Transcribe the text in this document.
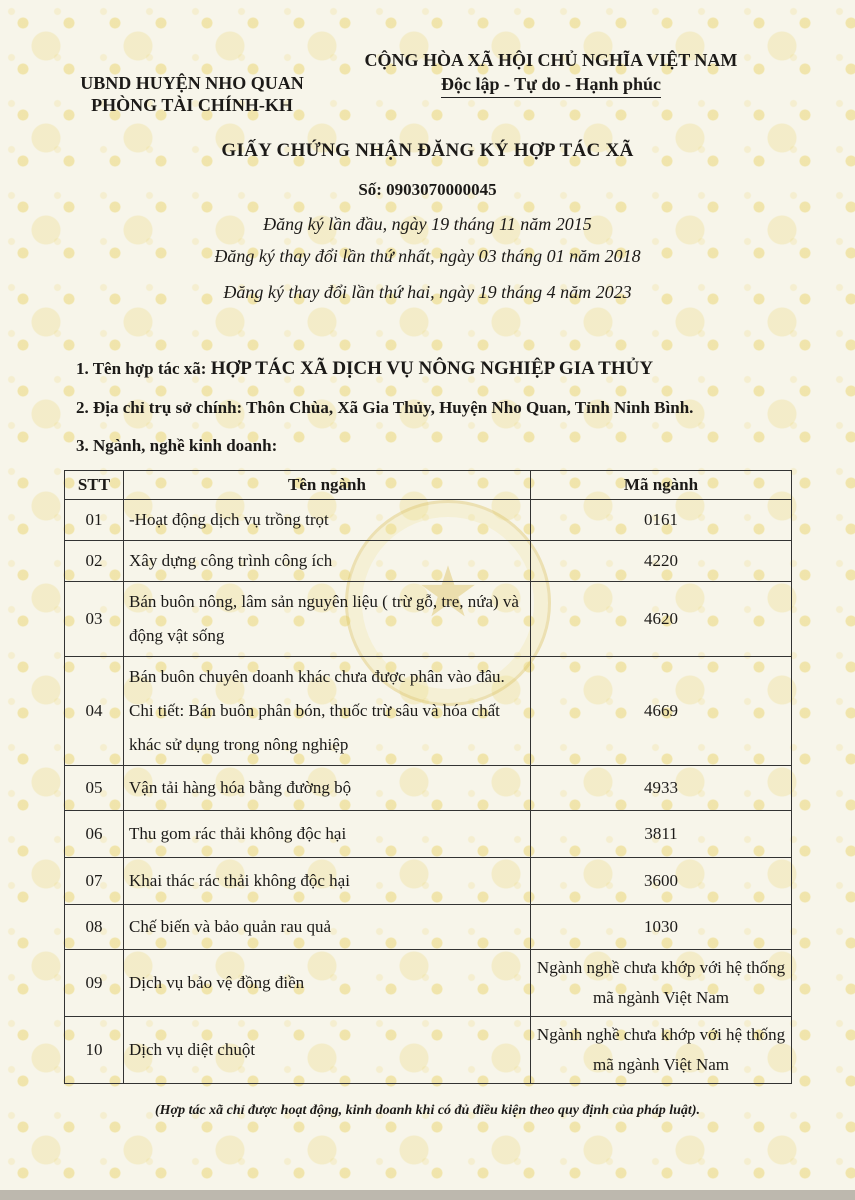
★
UBND HUYỆN NHO QUAN
PHÒNG TÀI CHÍNH-KH
CỘNG HÒA XÃ HỘI CHỦ NGHĨA VIỆT NAM
Độc lập - Tự do - Hạnh phúc
GIẤY CHỨNG NHẬN ĐĂNG KÝ HỢP TÁC XÃ
Số: 0903070000045
Đăng ký lần đầu, ngày 19 tháng 11 năm 2015
Đăng ký thay đổi lần thứ nhất, ngày 03 tháng 01 năm 2018
Đăng ký thay đổi lần thứ hai, ngày 19 tháng 4 năm 2023
1. Tên hợp tác xã: HỢP TÁC XÃ DỊCH VỤ NÔNG NGHIỆP GIA THỦY
2. Địa chỉ trụ sở chính: Thôn Chùa, Xã Gia Thủy, Huyện Nho Quan, Tỉnh Ninh Bình.
3. Ngành, nghề kinh doanh:
STT	Tên ngành	Mã ngành
01	-Hoạt động dịch vụ trồng trọt	0161
02	Xây dựng công trình công ích	4220
03	Bán buôn nông, lâm sản nguyên liệu ( trừ gỗ, tre, nứa) và động vật sống	4620
04	Bán buôn chuyên doanh khác chưa được phân vào đâu. Chi tiết: Bán buôn phân bón, thuốc trừ sâu và hóa chất khác sử dụng trong nông nghiệp	4669
05	Vận tải hàng hóa bằng đường bộ	4933
06	Thu gom rác thải không độc hại	3811
07	Khai thác rác thải không độc hại	3600
08	Chế biến và bảo quản rau quả	1030
09	Dịch vụ bảo vệ đồng điền	Ngành nghề chưa khớp với hệ thống mã ngành Việt Nam
10	Dịch vụ diệt chuột	Ngành nghề chưa khớp với hệ thống mã ngành Việt Nam
(Hợp tác xã chỉ được hoạt động, kinh doanh khi có đủ điều kiện theo quy định của pháp luật).
